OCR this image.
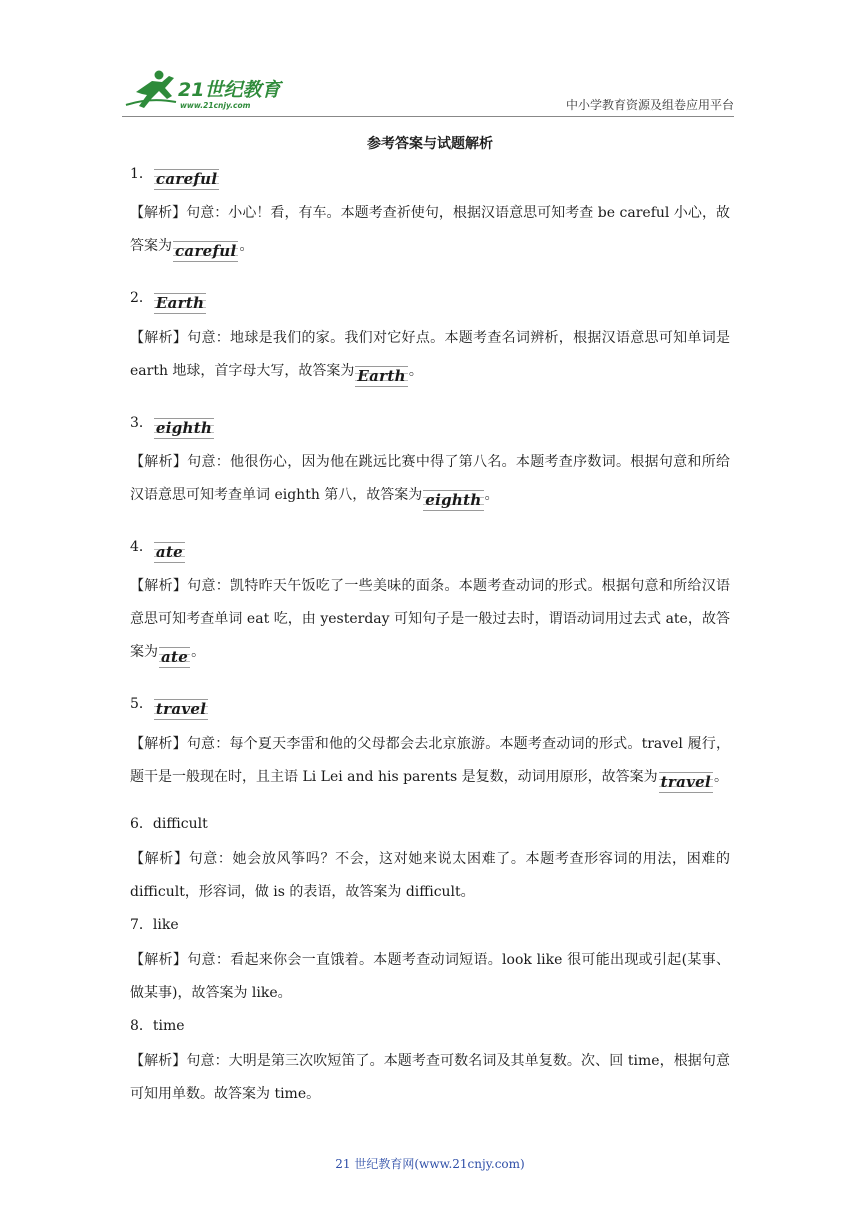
21世纪教育
www.21cnjy.com	中小学教育资源及组卷应用平台
参考答案与试题解析
1． careful
【解析】句意：小心！看，有车。本题考查祈使句，根据汉语意思可知考查 be careful 小心，故答案为 careful 。
2． Earth
【解析】句意：地球是我们的家。我们对它好点。本题考查名词辨析，根据汉语意思可知单词是 earth 地球，首字母大写，故答案为 Earth 。
3． eighth
【解析】句意：他很伤心，因为他在跳远比赛中得了第八名。本题考查序数词。根据句意和所给汉语意思可知考查单词 eighth 第八，故答案为 eighth 。
4． ate
【解析】句意：凯特昨天午饭吃了一些美味的面条。本题考查动词的形式。根据句意和所给汉语意思可知考查单词 eat 吃，由 yesterday 可知句子是一般过去时，谓语动词用过去式 ate，故答案为 ate 。
5． travel
【解析】句意：每个夏天李雷和他的父母都会去北京旅游。本题考查动词的形式。travel 履行，题干是一般现在时，且主语 Li Lei and his parents 是复数，动词用原形，故答案为 travel 。
6．difficult
【解析】句意：她会放风筝吗？不会，这对她来说太困难了。本题考查形容词的用法，困难的 difficult，形容词，做 is 的表语，故答案为 difficult。
7．like
【解析】句意：看起来你会一直饿着。本题考查动词短语。look like 很可能出现或引起(某事、做某事)，故答案为 like。
8．time
【解析】句意：大明是第三次吹短笛了。本题考查可数名词及其单复数。次、回 time，根据句意可知用单数。故答案为 time。
21 世纪教育网(www.21cnjy.com)
